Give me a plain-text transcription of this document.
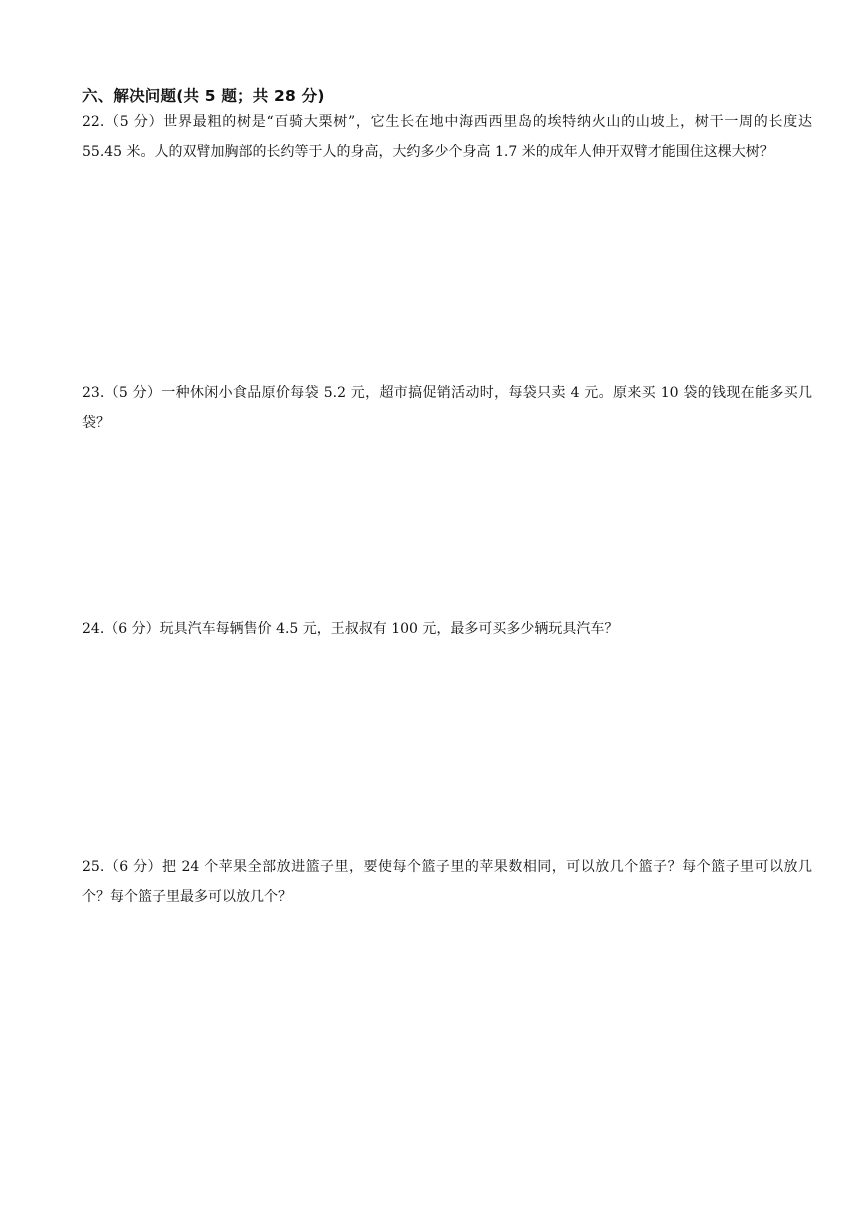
六、解决问题(共 5 题；共 28 分)
22.（5 分）世界最粗的树是“百骑大栗树”，它生长在地中海西西里岛的埃特纳火山的山坡上，树干一周的长度达 55.45 米。人的双臂加胸部的长约等于人的身高，大约多少个身高 1.7 米的成年人伸开双臂才能围住这棵大树？
23.（5 分）一种休闲小食品原价每袋 5.2 元，超市搞促销活动时，每袋只卖 4 元。原来买 10 袋的钱现在能多买几袋？
24.（6 分）玩具汽车每辆售价 4.5 元，王叔叔有 100 元，最多可买多少辆玩具汽车？
25.（6 分）把 24 个苹果全部放进篮子里，要使每个篮子里的苹果数相同，可以放几个篮子？每个篮子里可以放几个？每个篮子里最多可以放几个？
